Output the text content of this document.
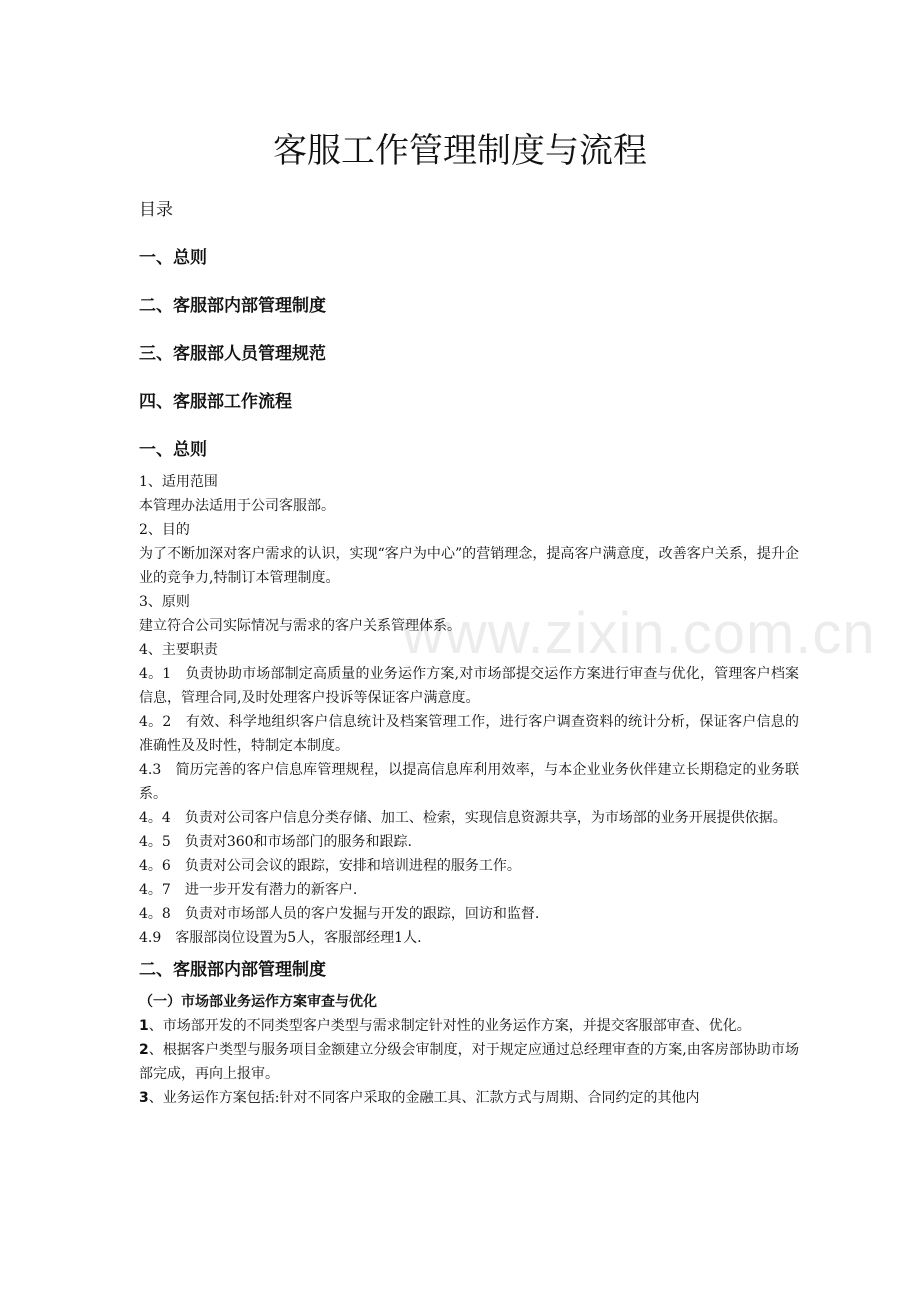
客服工作管理制度与流程

目录

一、总则

二、客服部内部管理制度

三、客服部人员管理规范

四、客服部工作流程

一、总则

1、适用范围

本管理办法适用于公司客服部。

2、目的

为了不断加深对客户需求的认识，实现“客户为中心”的营销理念，提高客户满意度，改善客户关系，提升企业的竞争力,特制订本管理制度。

3、原则

建立符合公司实际情况与需求的客户关系管理体系。

4、主要职责

4。1　负责协助市场部制定高质量的业务运作方案,对市场部提交运作方案进行审查与优化，管理客户档案信息，管理合同,及时处理客户投诉等保证客户满意度。

4。2　有效、科学地组织客户信息统计及档案管理工作，进行客户调查资料的统计分析，保证客户信息的准确性及及时性，特制定本制度。

4.3　简历完善的客户信息库管理规程，以提高信息库利用效率，与本企业业务伙伴建立长期稳定的业务联系。

4。4　负责对公司客户信息分类存储、加工、检索，实现信息资源共享，为市场部的业务开展提供依据。

4。5　负责对360和市场部门的服务和跟踪.

4。6　负责对公司会议的跟踪，安排和培训进程的服务工作。

4。7　进一步开发有潜力的新客户.

4。8　负责对市场部人员的客户发掘与开发的跟踪，回访和监督.

4.9　客服部岗位设置为5人，客服部经理1人.

二、客服部内部管理制度

（一）市场部业务运作方案审查与优化

1、市场部开发的不同类型客户类型与需求制定针对性的业务运作方案，并提交客服部审查、优化。

2、根据客户类型与服务项目金额建立分级会审制度，对于规定应通过总经理审查的方案,由客房部协助市场部完成，再向上报审。

3、业务运作方案包括:针对不同客户采取的金融工具、汇款方式与周期、合同约定的其他内

www.zixin.com.cn
